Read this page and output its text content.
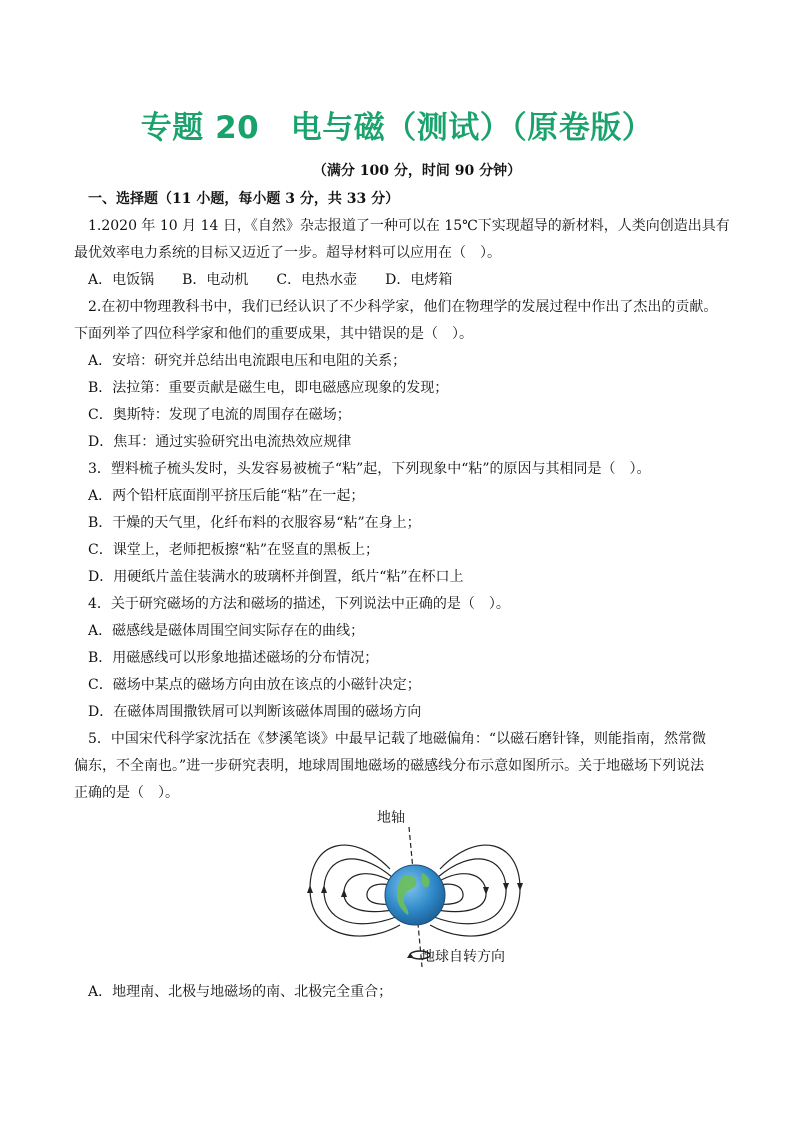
专题 20　电与磁（测试）（原卷版）
（满分 100 分，时间 90 分钟）
一、选择题（11 小题，每小题 3 分，共 33 分）
1.2020 年 10 月 14 日，《自然》杂志报道了一种可以在 15℃下实现超导的新材料，人类向创造出具有
最优效率电力系统的目标又迈近了一步。超导材料可以应用在（　）。
A．电饭锅　　B．电动机　　C．电热水壶　　D．电烤箱
2.在初中物理教科书中，我们已经认识了不少科学家，他们在物理学的发展过程中作出了杰出的贡献。
下面列举了四位科学家和他们的重要成果，其中错误的是（　）。
A．安培：研究并总结出电流跟电压和电阻的关系；
B．法拉第：重要贡献是磁生电，即电磁感应现象的发现；
C．奥斯特：发现了电流的周围存在磁场；
D．焦耳：通过实验研究出电流热效应规律
3．塑料梳子梳头发时，头发容易被梳子“粘”起，下列现象中“粘”的原因与其相同是（　）。
A．两个铅杆底面削平挤压后能“粘”在一起；
B．干燥的天气里，化纤布料的衣服容易“粘”在身上；
C．课堂上，老师把板擦“粘”在竖直的黑板上；
D．用硬纸片盖住装满水的玻璃杯并倒置，纸片“粘”在杯口上
4．关于研究磁场的方法和磁场的描述，下列说法中正确的是（　）。
A．磁感线是磁体周围空间实际存在的曲线；
B．用磁感线可以形象地描述磁场的分布情况；
C．磁场中某点的磁场方向由放在该点的小磁针决定；
D．在磁体周围撒铁屑可以判断该磁体周围的磁场方向
5．中国宋代科学家沈括在《梦溪笔谈》中最早记载了地磁偏角：“以磁石磨针锋，则能指南，然常微
偏东，不全南也。”进一步研究表明，地球周围地磁场的磁感线分布示意如图所示。关于地磁场下列说法
正确的是（　）。
地轴
地球自转方向
A．地理南、北极与地磁场的南、北极完全重合；
